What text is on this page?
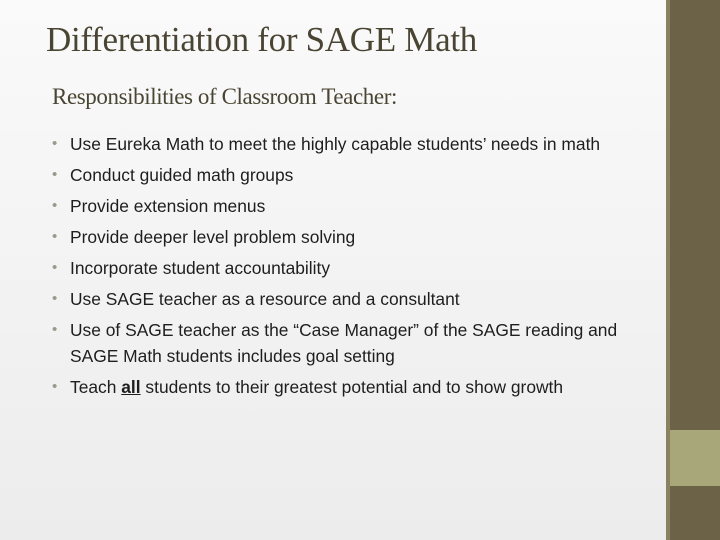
Differentiation for SAGE Math
Responsibilities of Classroom Teacher:
• Use Eureka Math to meet the highly capable students’ needs in math
• Conduct guided math groups
• Provide extension menus
• Provide deeper level problem solving
• Incorporate student accountability
• Use SAGE teacher as a resource and a consultant
• Use of SAGE teacher as the “Case Manager” of the SAGE reading and SAGE Math students includes goal setting
• Teach all students to their greatest potential and to show growth
